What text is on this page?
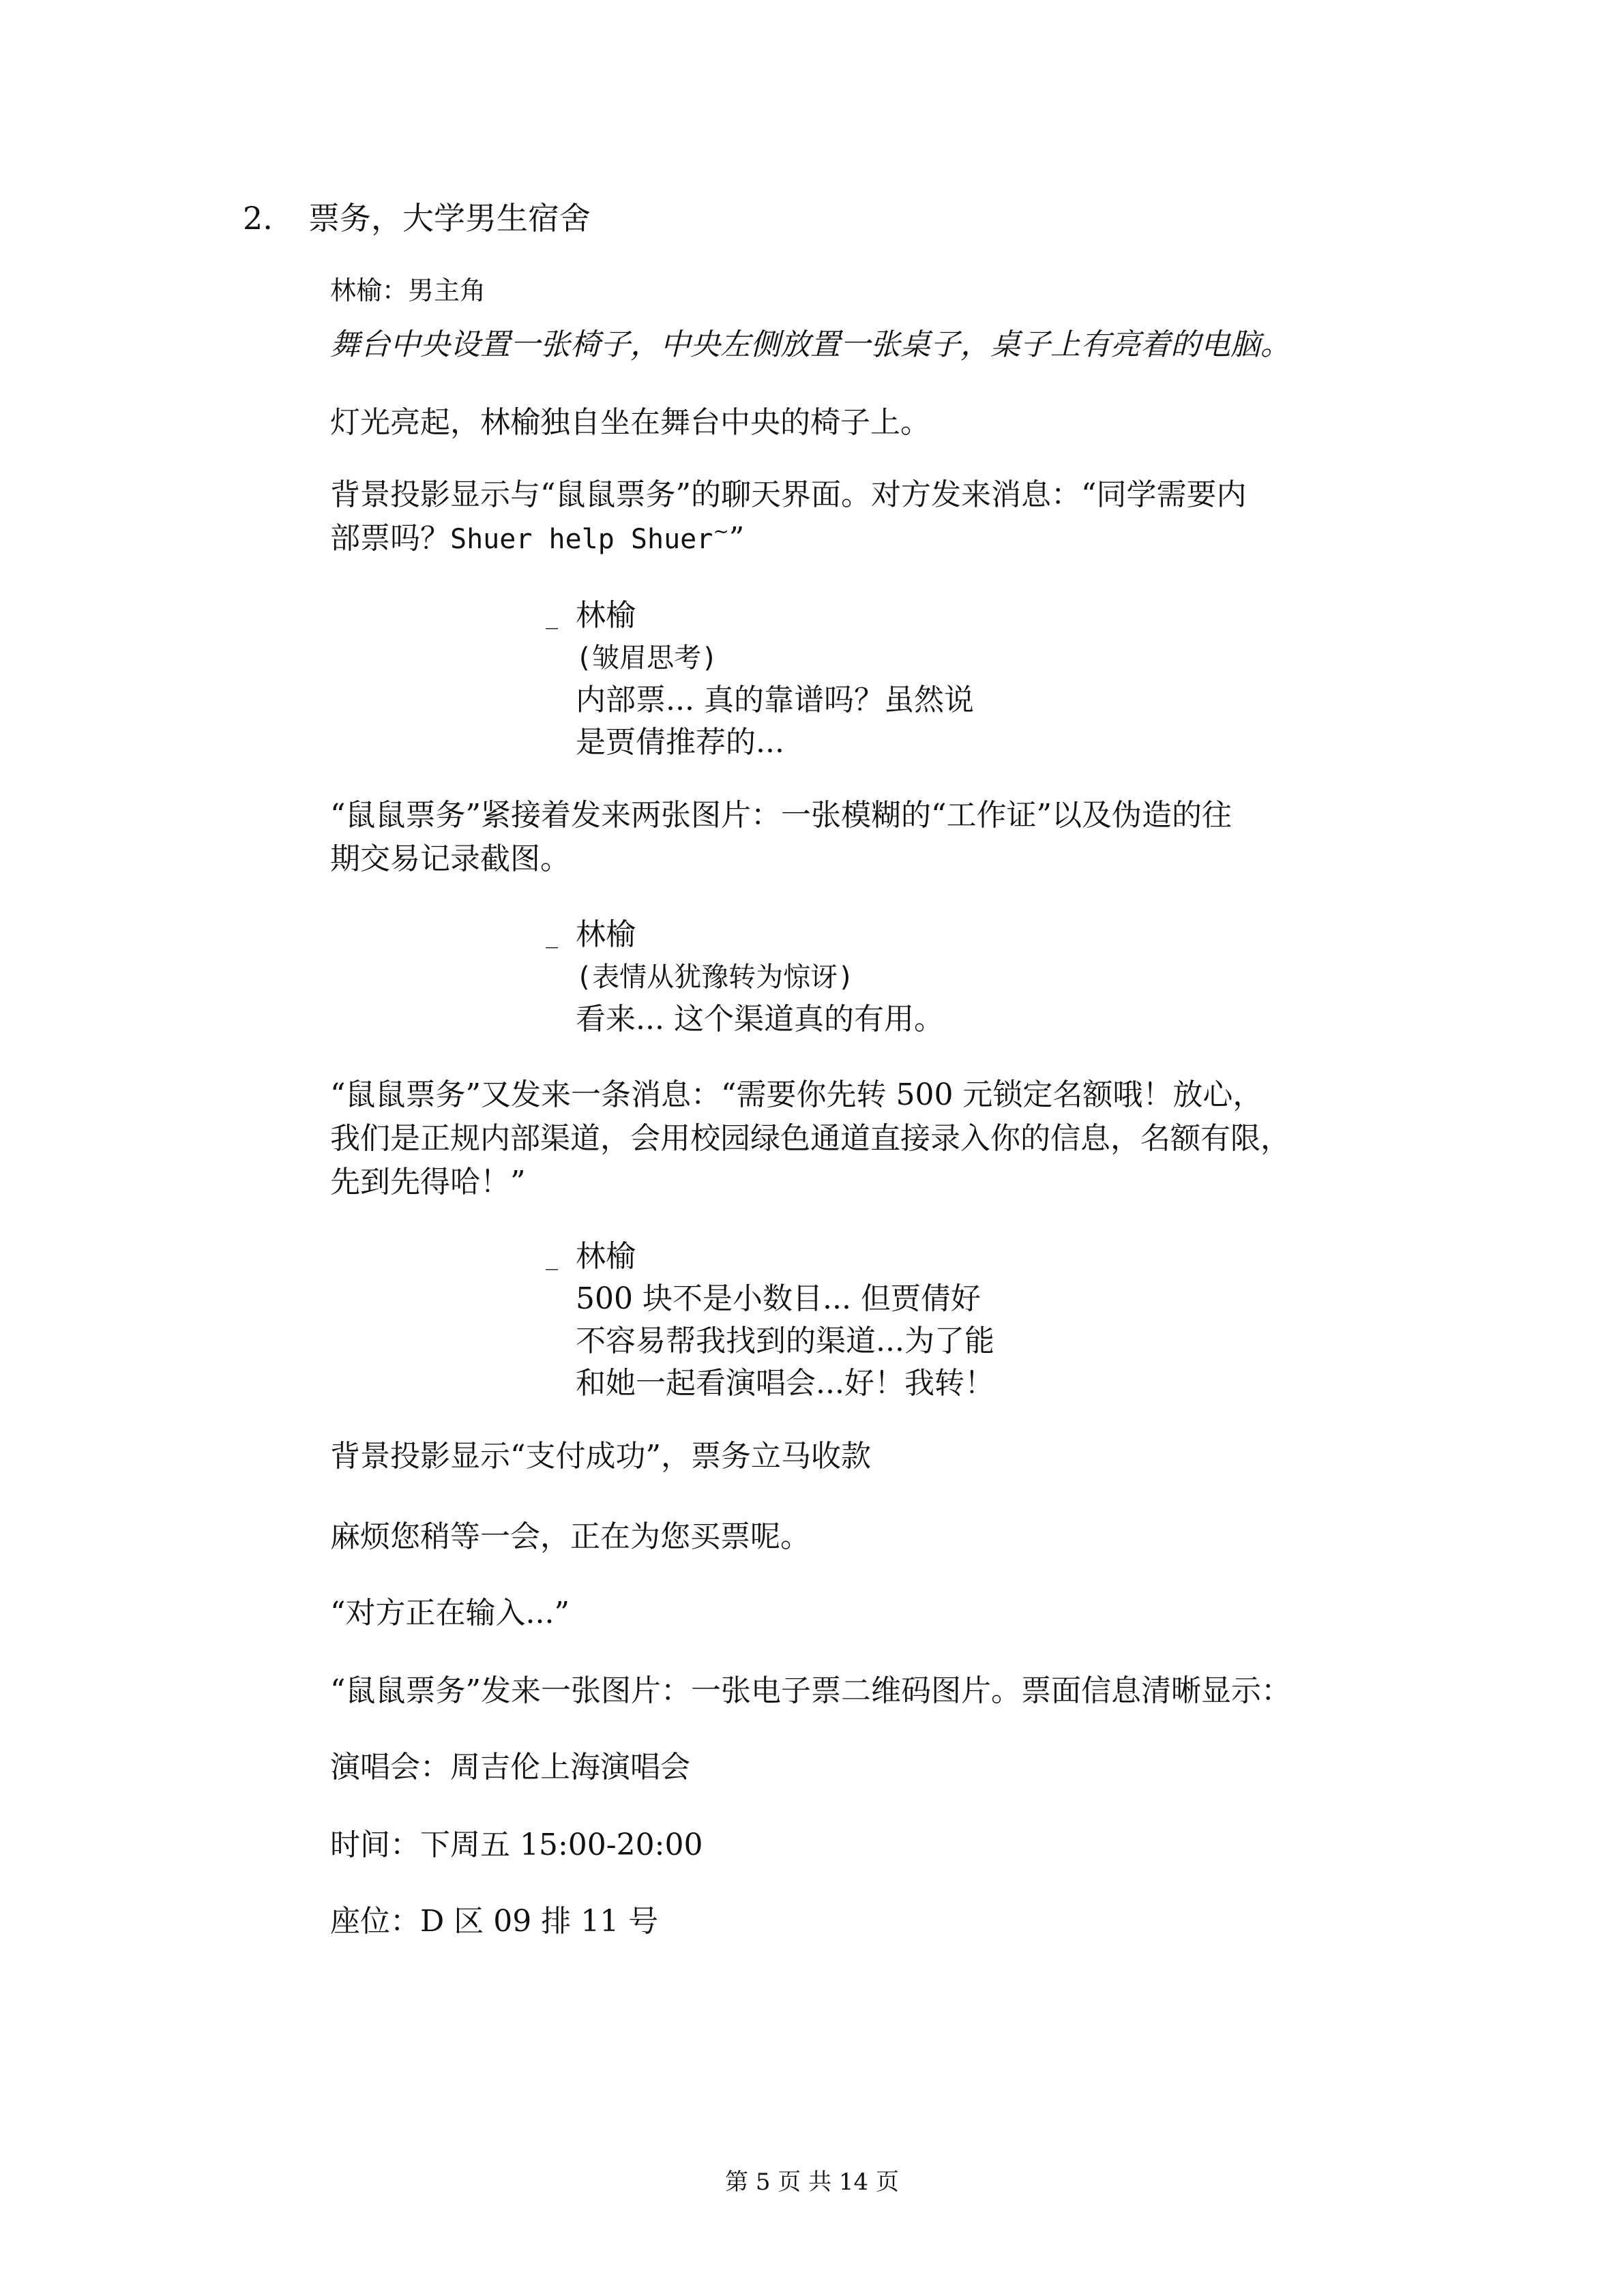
2. 票务，大学男生宿舍
林榆：男主角
舞台中央设置一张椅子，中央左侧放置一张桌子，桌子上有亮着的电脑。
灯光亮起，林榆独自坐在舞台中央的椅子上。
背景投影显示与“鼠鼠票务”的聊天界面。对方发来消息：“同学需要内
部票吗？Shuer help Shuer~”
_ 林榆
(皱眉思考)
内部票... 真的靠谱吗？虽然说
是贾倩推荐的...
“鼠鼠票务”紧接着发来两张图片：一张模糊的“工作证”以及伪造的往
期交易记录截图。
_ 林榆
(表情从犹豫转为惊讶)
看来... 这个渠道真的有用。
“鼠鼠票务”又发来一条消息：“需要你先转 500 元锁定名额哦！放心，
我们是正规内部渠道，会用校园绿色通道直接录入你的信息，名额有限，
先到先得哈！”
_ 林榆
500 块不是小数目... 但贾倩好
不容易帮我找到的渠道...为了能
和她一起看演唱会...好！我转！
背景投影显示“支付成功”，票务立马收款
麻烦您稍等一会，正在为您买票呢。
“对方正在输入...”
“鼠鼠票务”发来一张图片：一张电子票二维码图片。票面信息清晰显示：
演唱会：周吉伦上海演唱会
时间：下周五 15:00-20:00
座位：D 区 09 排 11 号
第 5 页 共 14 页
